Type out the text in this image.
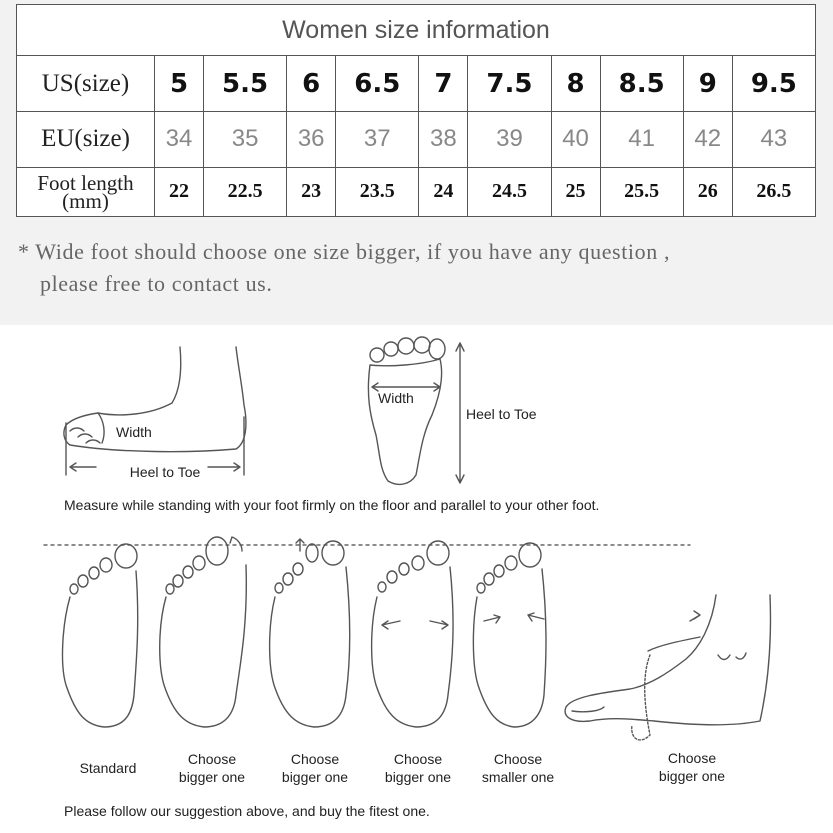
Women size information										
US(size)	5	5.5	6	6.5	7	7.5	8	8.5	9	9.5
EU(size)	34	35	36	37	38	39	40	41	42	43
Foot length
(mm)	22	22.5	23	23.5	24	24.5	25	25.5	26	26.5
* Wide foot should choose one size bigger, if you have any question ,
please free to contact us.
Width
Heel to Toe
Width
Heel to Toe
Measure while standing with your foot firmly on the floor and parallel to your other foot.
Standard

Choose
bigger one
Choose
bigger one
Choose
bigger one
Choose
smaller one
Choose
bigger one
Please follow our suggestion above, and buy the fitest one.
